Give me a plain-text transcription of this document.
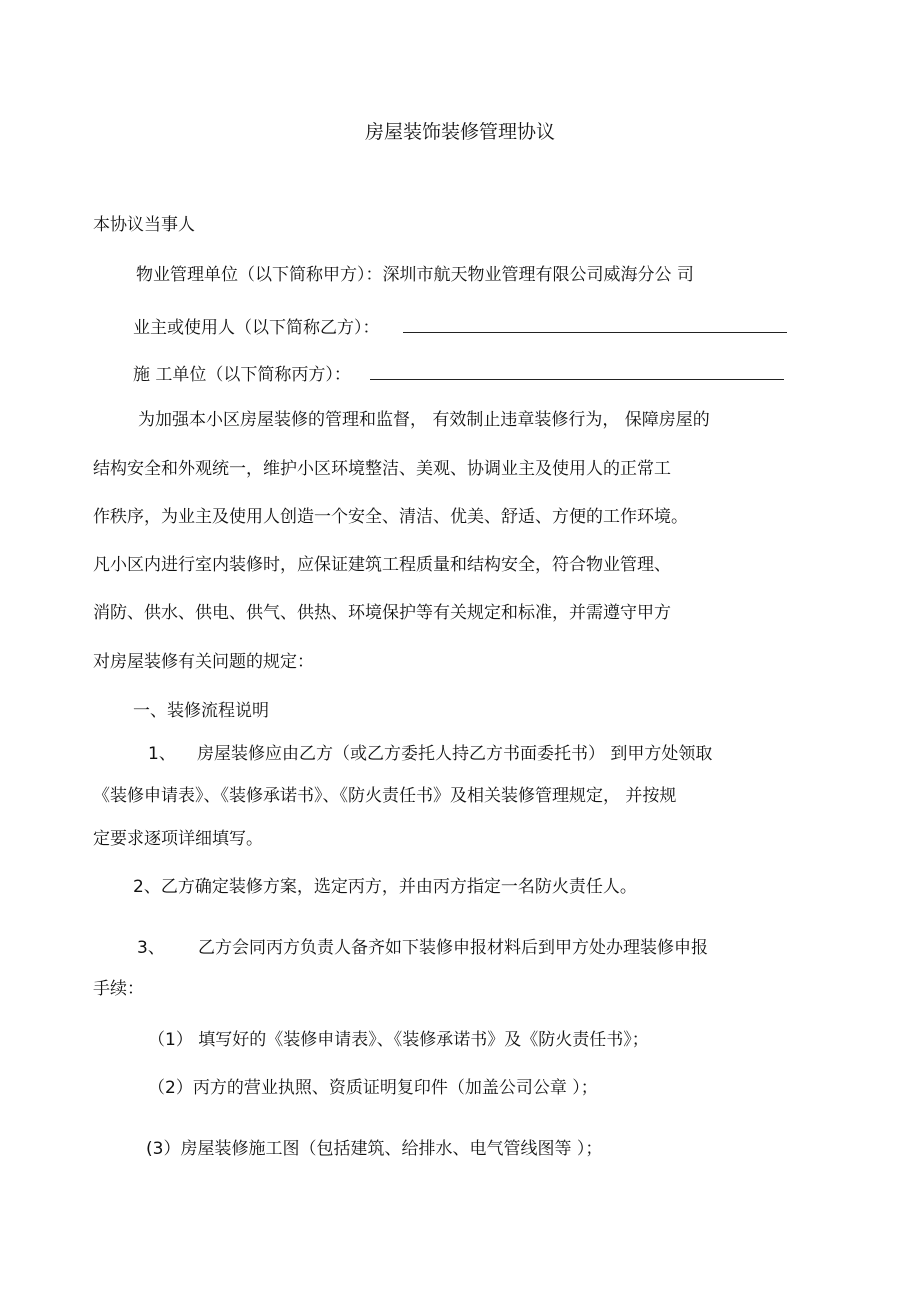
房屋装饰装修管理协议
本协议当事人
物业管理单位（以下简称甲方）：深圳市航天物业管理有限公司威海分公 司
业主或使用人（以下简称乙方）：
施 工单位（以下简称丙方）：
为加强本小区房屋装修的管理和监督， 有效制止违章装修行为， 保障房屋的
结构安全和外观统一，维护小区环境整洁、美观、协调业主及使用人的正常工
作秩序，为业主及使用人创造一个安全、清洁、优美、舒适、方便的工作环境。
凡小区内进行室内装修时，应保证建筑工程质量和结构安全，符合物业管理、
消防、供水、供电、供气、供热、环境保护等有关规定和标准，并需遵守甲方
对房屋装修有关问题的规定：
一、装修流程说明
1、 房屋装修应由乙方（或乙方委托人持乙方书面委托书） 到甲方处领取
《装修申请表》、《装修承诺书》、《防火责任书》及相关装修管理规定， 并按规
定要求逐项详细填写。
2、乙方确定装修方案，选定丙方，并由丙方指定一名防火责任人。
3、 乙方会同丙方负责人备齐如下装修申报材料后到甲方处办理装修申报
手续：
（1） 填写好的《装修申请表》、《装修承诺书》及《防火责任书》；
（2）丙方的营业执照、资质证明复印件（加盖公司公章 ）；
(3）房屋装修施工图（包括建筑、给排水、电气管线图等 ）；
